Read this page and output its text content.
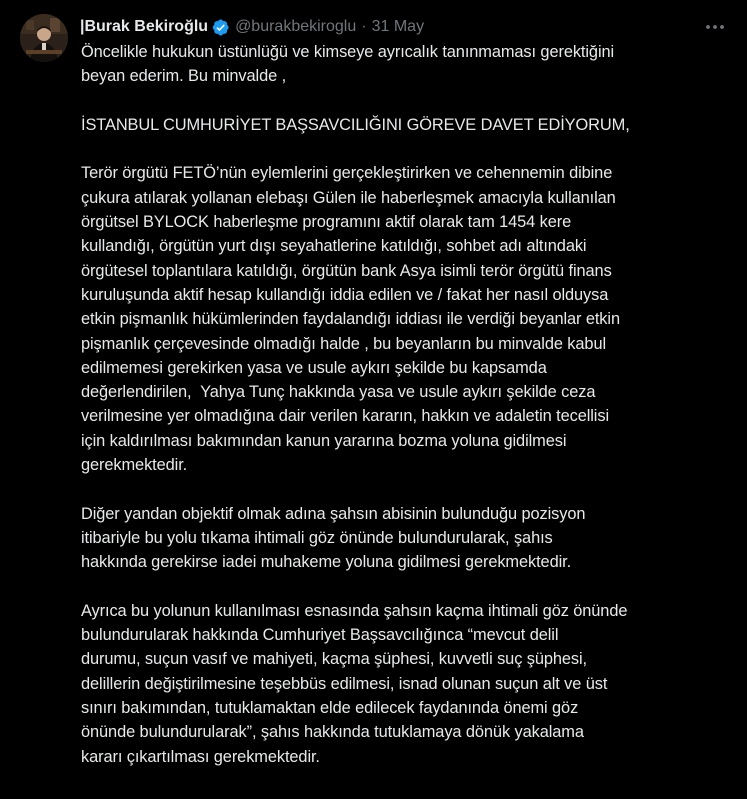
|Burak Bekiroğlu @burakbekiroglu · 31 May
Öncelikle hukukun üstünlüğü ve kimseye ayrıcalık tanınmaması gerektiğini
beyan ederim. Bu minvalde ,
İSTANBUL CUMHURİYET BAŞSAVCILIĞINI GÖREVE DAVET EDİYORUM,
Terör örgütü FETÖ’nün eylemlerini gerçekleştirirken ve cehennemin dibine
çukura atılarak yollanan elebaşı Gülen ile haberleşmek amacıyla kullanılan
örgütsel BYLOCK haberleşme programını aktif olarak tam 1454 kere
kullandığı, örgütün yurt dışı seyahatlerine katıldığı, sohbet adı altındaki
örgütesel toplantılara katıldığı, örgütün bank Asya isimli terör örgütü finans
kuruluşunda aktif hesap kullandığı iddia edilen ve / fakat her nasıl olduysa
etkin pişmanlık hükümlerinden faydalandığı iddiası ile verdiği beyanlar etkin
pişmanlık çerçevesinde olmadığı halde , bu beyanların bu minvalde kabul
edilmemesi gerekirken yasa ve usule aykırı şekilde bu kapsamda
değerlendirilen,  Yahya Tunç hakkında yasa ve usule aykırı şekilde ceza
verilmesine yer olmadığına dair verilen kararın, hakkın ve adaletin tecellisi
için kaldırılması bakımından kanun yararına bozma yoluna gidilmesi
gerekmektedir.
Diğer yandan objektif olmak adına şahsın abisinin bulunduğu pozisyon
itibariyle bu yolu tıkama ihtimali göz önünde bulundurularak, şahıs
hakkında gerekirse iadei muhakeme yoluna gidilmesi gerekmektedir.
Ayrıca bu yolunun kullanılması esnasında şahsın kaçma ihtimali göz önünde
bulundurularak hakkında Cumhuriyet Başsavcılığınca “mevcut delil
durumu, suçun vasıf ve mahiyeti, kaçma şüphesi, kuvvetli suç şüphesi,
delillerin değiştirilmesine teşebbüs edilmesi, isnad olunan suçun alt ve üst
sınırı bakımından, tutuklamaktan elde edilecek faydanında önemi göz
önünde bulundurularak”, şahıs hakkında tutuklamaya dönük yakalama
kararı çıkartılması gerekmektedir.
